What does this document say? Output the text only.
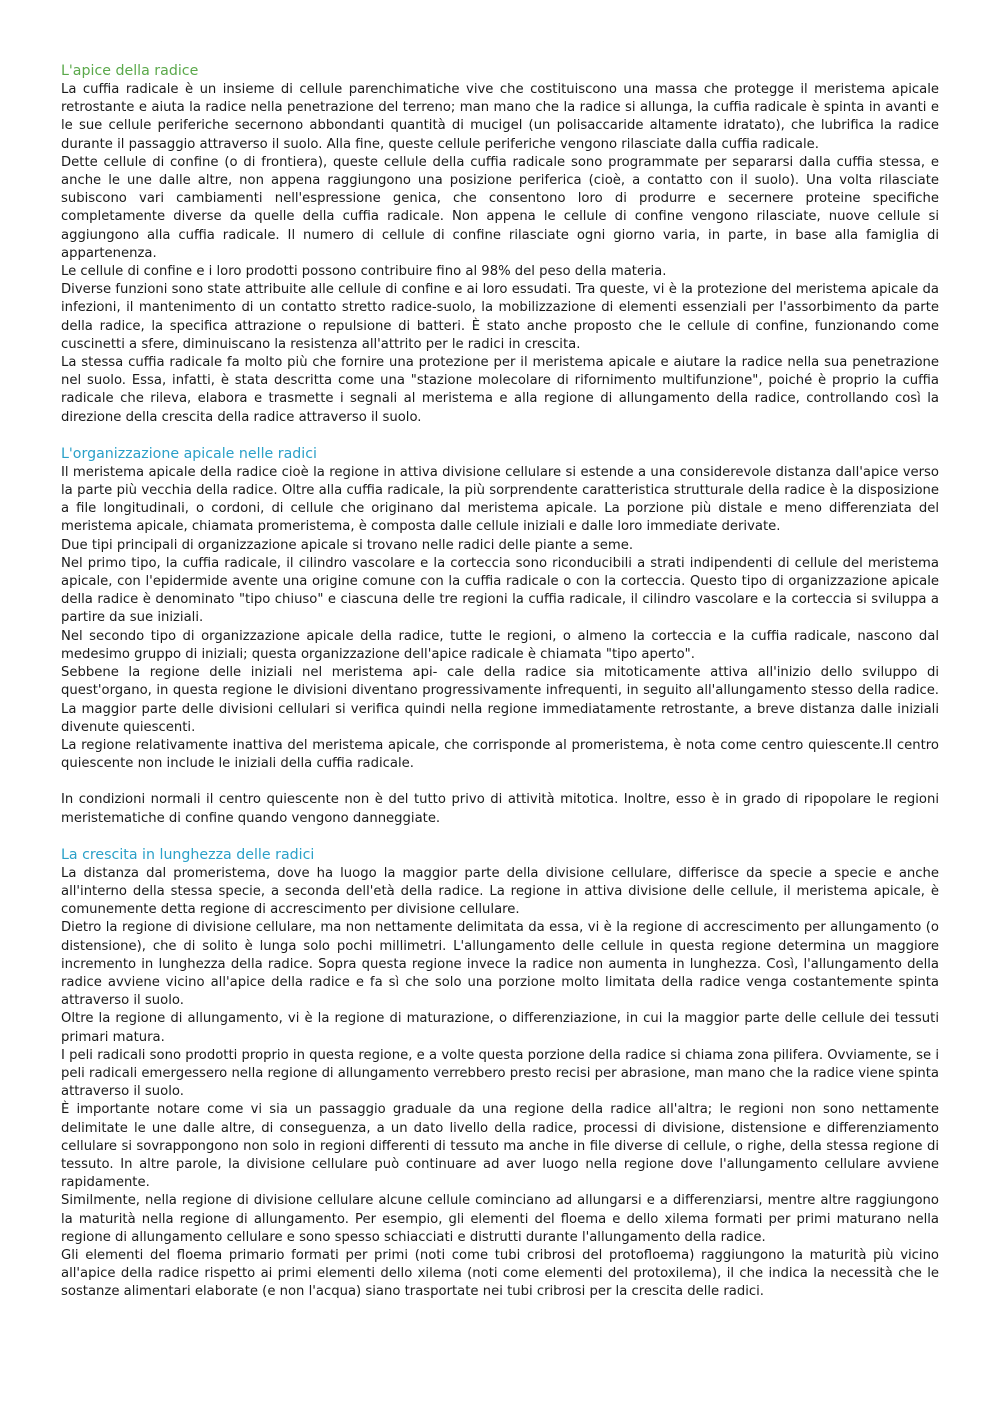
L'apice della radice

La cuffia radicale è un insieme di cellule parenchimatiche vive che costituiscono una massa che protegge il meristema apicale retrostante e aiuta la radice nella penetrazione del terreno; man mano che la radice si allunga, la cuffia radicale è spinta in avanti e le sue cellule periferiche secernono abbondanti quantità di mucigel (un polisaccaride altamente idratato), che lubrifica la radice durante il passaggio attraverso il suolo. Alla fine, queste cellule periferiche vengono rilasciate dalla cuffia radicale.

Dette cellule di confine (o di frontiera), queste cellule della cuffia radicale sono programmate per separarsi dalla cuffia stessa, e anche le une dalle altre, non appena raggiungono una posizione periferica (cioè, a contatto con il suolo). Una volta rilasciate subiscono vari cambiamenti nell'espressione genica, che consentono loro di produrre e secernere proteine specifiche completamente diverse da quelle della cuffia radicale. Non appena le cellule di confine vengono rilasciate, nuove cellule si aggiungono alla cuffia radicale. Il numero di cellule di confine rilasciate ogni giorno varia, in parte, in base alla famiglia di appartenenza.

Le cellule di confine e i loro prodotti possono contribuire fino al 98% del peso della materia.

Diverse funzioni sono state attribuite alle cellule di confine e ai loro essudati. Tra queste, vi è la protezione del meristema apicale da infezioni, il mantenimento di un contatto stretto radice-suolo, la mobilizzazione di elementi essenziali per l'assorbimento da parte della radice, la specifica attrazione o repulsione di batteri. È stato anche proposto che le cellule di confine, funzionando come cuscinetti a sfere, diminuiscano la resistenza all'attrito per le radici in crescita.

La stessa cuffia radicale fa molto più che fornire una protezione per il meristema apicale e aiutare la radice nella sua penetrazione nel suolo. Essa, infatti, è stata descritta come una "stazione molecolare di rifornimento multifunzione", poiché è proprio la cuffia radicale che rileva, elabora e trasmette i segnali al meristema e alla regione di allungamento della radice, controllando così la direzione della crescita della radice attraverso il suolo.

L'organizzazione apicale nelle radici

Il meristema apicale della radice cioè la regione in attiva divisione cellulare si estende a una considerevole distanza dall'apice verso la parte più vecchia della radice. Oltre alla cuffia radicale, la più sorprendente caratteristica strutturale della radice è la disposizione a file longitudinali, o cordoni, di cellule che originano dal meristema apicale. La porzione più distale e meno differenziata del meristema apicale, chiamata promeristema, è composta dalle cellule iniziali e dalle loro immediate derivate.

Due tipi principali di organizzazione apicale si trovano nelle radici delle piante a seme.

Nel primo tipo, la cuffia radicale, il cilindro vascolare e la corteccia sono riconducibili a strati indipendenti di cellule del meristema apicale, con l'epidermide avente una origine comune con la cuffia radicale o con la corteccia. Questo tipo di organizzazione apicale della radice è denominato "tipo chiuso" e ciascuna delle tre regioni la cuffia radicale, il cilindro vascolare e la corteccia si sviluppa a partire da sue iniziali.

Nel secondo tipo di organizzazione apicale della radice, tutte le regioni, o almeno la corteccia e la cuffia radicale, nascono dal medesimo gruppo di iniziali; questa organizzazione dell'apice radicale è chiamata "tipo aperto".

Sebbene la regione delle iniziali nel meristema api- cale della radice sia mitoticamente attiva all'inizio dello sviluppo di quest'organo, in questa regione le divisioni diventano progressivamente infrequenti, in seguito all'allungamento stesso della radice. La maggior parte delle divisioni cellulari si verifica quindi nella regione immediatamente retrostante, a breve distanza dalle iniziali divenute quiescenti.

La regione relativamente inattiva del meristema apicale, che corrisponde al promeristema, è nota come centro quiescente.Il centro quiescente non include le iniziali della cuffia radicale.

In condizioni normali il centro quiescente non è del tutto privo di attività mitotica. Inoltre, esso è in grado di ripopolare le regioni meristematiche di confine quando vengono danneggiate.

La crescita in lunghezza delle radici

La distanza dal promeristema, dove ha luogo la maggior parte della divisione cellulare, differisce da specie a specie e anche all'interno della stessa specie, a seconda dell'età della radice. La regione in attiva divisione delle cellule, il meristema apicale, è comunemente detta regione di accrescimento per divisione cellulare.

Dietro la regione di divisione cellulare, ma non nettamente delimitata da essa, vi è la regione di accrescimento per allungamento (o distensione), che di solito è lunga solo pochi millimetri. L'allungamento delle cellule in questa regione determina un maggiore incremento in lunghezza della radice. Sopra questa regione invece la radice non aumenta in lunghezza. Così, l'allungamento della radice avviene vicino all'apice della radice e fa sì che solo una porzione molto limitata della radice venga costantemente spinta attraverso il suolo.

Oltre la regione di allungamento, vi è la regione di maturazione, o differenziazione, in cui la maggior parte delle cellule dei tessuti primari matura.

I peli radicali sono prodotti proprio in questa regione, e a volte questa porzione della radice si chiama zona pilifera. Ovviamente, se i peli radicali emergessero nella regione di allungamento verrebbero presto recisi per abrasione, man mano che la radice viene spinta attraverso il suolo.

È importante notare come vi sia un passaggio graduale da una regione della radice all'altra; le regioni non sono nettamente delimitate le une dalle altre, di conseguenza, a un dato livello della radice, processi di divisione, distensione e differenziamento cellulare si sovrappongono non solo in regioni differenti di tessuto ma anche in file diverse di cellule, o righe, della stessa regione di tessuto. In altre parole, la divisione cellulare può continuare ad aver luogo nella regione dove l'allungamento cellulare avviene rapidamente.

Similmente, nella regione di divisione cellulare alcune cellule cominciano ad allungarsi e a differenziarsi, mentre altre raggiungono la maturità nella regione di allungamento. Per esempio, gli elementi del floema e dello xilema formati per primi maturano nella regione di allungamento cellulare e sono spesso schiacciati e distrutti durante l'allungamento della radice.

Gli elementi del floema primario formati per primi (noti come tubi cribrosi del protofloema) raggiungono la maturità più vicino all'apice della radice rispetto ai primi elementi dello xilema (noti come elementi del protoxilema), il che indica la necessità che le sostanze alimentari elaborate (e non l'acqua) siano trasportate nei tubi cribrosi per la crescita delle radici.
